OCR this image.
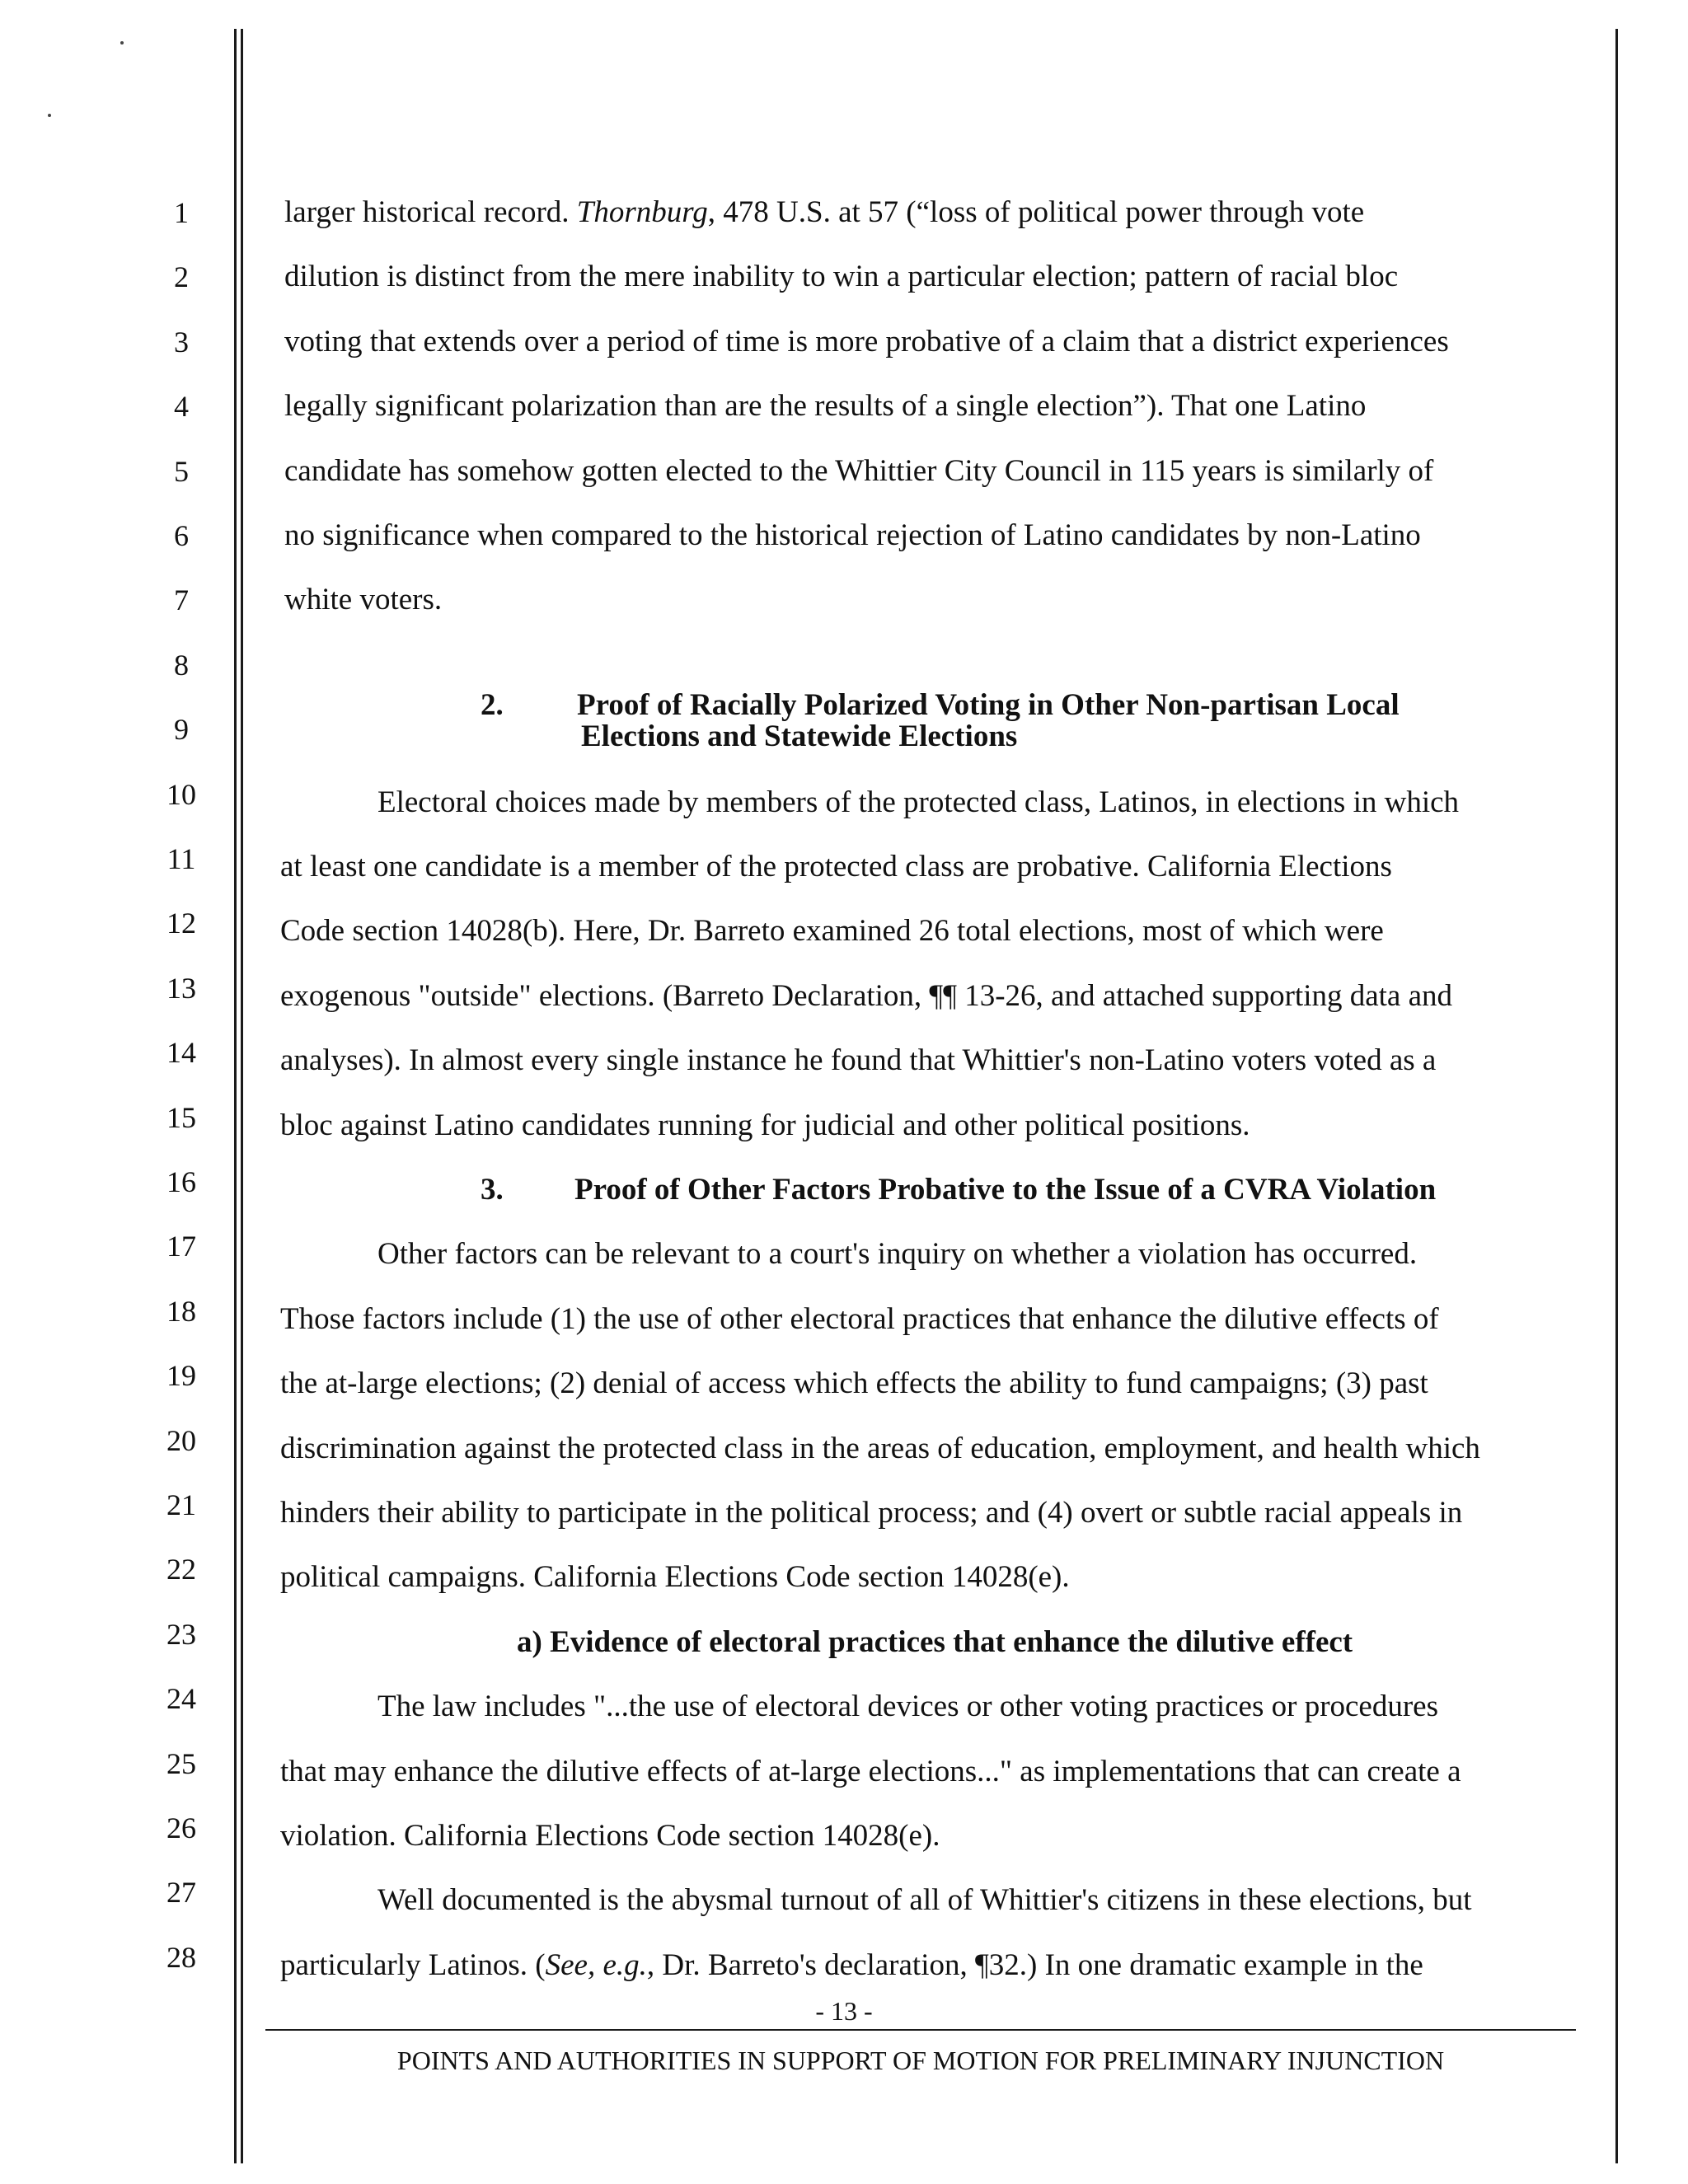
1
2
3
4
5
6
7
8
9
10
11
12
13
14
15
16
17
18
19
20
21
22
23
24
25
26
27
28
larger historical record. Thornburg, 478 U.S. at 57 (“loss of political power through vote
dilution is distinct from the mere inability to win a particular election; pattern of racial bloc
voting that extends over a period of time is more probative of a claim that a district experiences
legally significant polarization than are the results of a single election”). That one Latino
candidate has somehow gotten elected to the Whittier City Council in 115 years is similarly of
no significance when compared to the historical rejection of Latino candidates by non-Latino
white voters.
2. Proof of Racially Polarized Voting in Other Non-partisan Local
Elections and Statewide Elections
Electoral choices made by members of the protected class, Latinos, in elections in which
at least one candidate is a member of the protected class are probative. California Elections
Code section 14028(b). Here, Dr. Barreto examined 26 total elections, most of which were
exogenous "outside" elections. (Barreto Declaration, ¶¶ 13-26, and attached supporting data and
analyses). In almost every single instance he found that Whittier's non-Latino voters voted as a
bloc against Latino candidates running for judicial and other political positions.
3. Proof of Other Factors Probative to the Issue of a CVRA Violation
Other factors can be relevant to a court's inquiry on whether a violation has occurred.
Those factors include (1) the use of other electoral practices that enhance the dilutive effects of
the at-large elections; (2) denial of access which effects the ability to fund campaigns; (3) past
discrimination against the protected class in the areas of education, employment, and health which
hinders their ability to participate in the political process; and (4) overt or subtle racial appeals in
political campaigns. California Elections Code section 14028(e).
a) Evidence of electoral practices that enhance the dilutive effect
The law includes "...the use of electoral devices or other voting practices or procedures
that may enhance the dilutive effects of at-large elections..." as implementations that can create a
violation. California Elections Code section 14028(e).
Well documented is the abysmal turnout of all of Whittier's citizens in these elections, but
particularly Latinos. (See, e.g., Dr. Barreto's declaration, ¶32.) In one dramatic example in the
- 13 -
POINTS AND AUTHORITIES IN SUPPORT OF MOTION FOR PRELIMINARY INJUNCTION
